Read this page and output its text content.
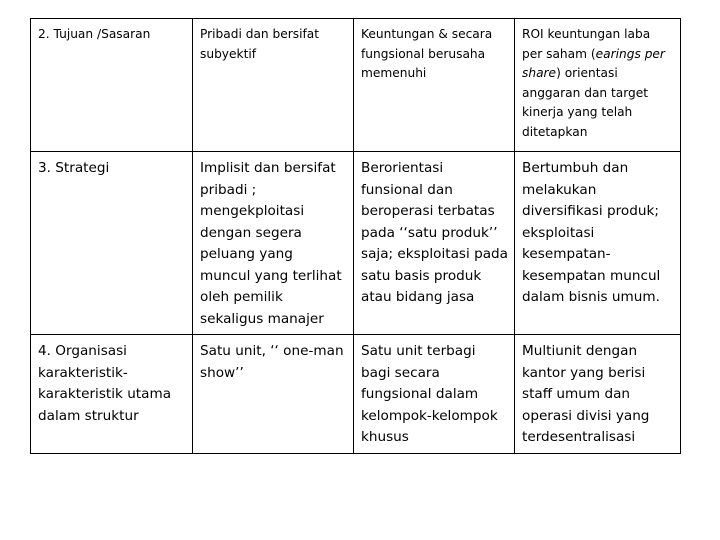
2. Tujuan /Sasaran	Pribadi dan bersifat subyektif	Keuntungan & secara fungsional berusaha memenuhi	ROI keuntungan laba per saham (earings per share) orientasi anggaran dan target kinerja yang telah ditetapkan

3. Strategi	Implisit dan bersifat pribadi ; mengekploitasi dengan segera peluang yang muncul yang terlihat oleh pemilik sekaligus manajer	Berorientasi funsional dan beroperasi terbatas pada ‘‘satu produk’’ saja; eksploitasi pada satu basis produk atau bidang jasa	Bertumbuh dan melakukan diversifikasi produk; eksploitasi kesempatan-kesempatan muncul dalam bisnis umum.

4. Organisasi karakteristik-karakteristik utama dalam struktur	Satu unit, ‘‘ one-man show’’	Satu unit terbagi bagi secara fungsional dalam kelompok-kelompok khusus	Multiunit dengan kantor yang berisi staff umum dan operasi divisi yang terdesentralisasi
